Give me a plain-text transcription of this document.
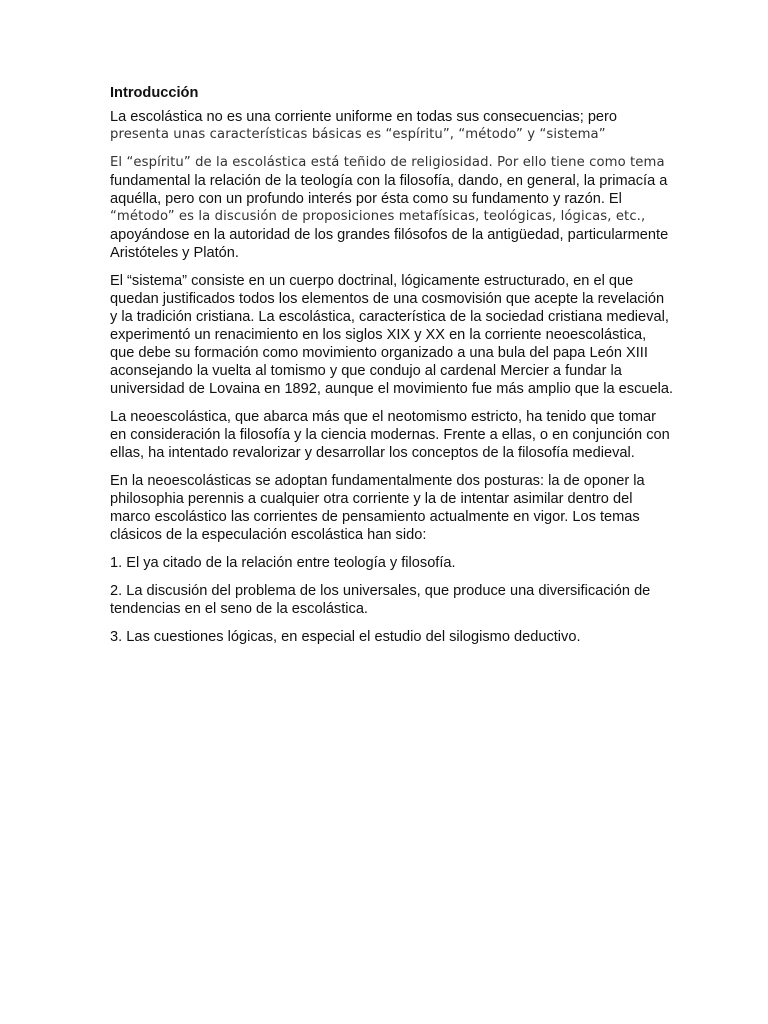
Introducción
La escolástica no es una corriente uniforme en todas sus consecuencias; pero
presenta unas características básicas es “espíritu”, “método” y “sistema”
El “espíritu” de la escolástica está teñido de religiosidad. Por ello tiene como tema
fundamental la relación de la teología con la filosofía, dando, en general, la primacía a
aquélla, pero con un profundo interés por ésta como su fundamento y razón. El
“método” es la discusión de proposiciones metafísicas, teológicas, lógicas, etc.,
apoyándose en la autoridad de los grandes filósofos de la antigüedad, particularmente
Aristóteles y Platón.
El “sistema” consiste en un cuerpo doctrinal, lógicamente estructurado, en el que
quedan justificados todos los elementos de una cosmovisión que acepte la revelación
y la tradición cristiana. La escolástica, característica de la sociedad cristiana medieval,
experimentó un renacimiento en los siglos XIX y XX en la corriente neoescolástica,
que debe su formación como movimiento organizado a una bula del papa León XIII
aconsejando la vuelta al tomismo y que condujo al cardenal Mercier a fundar la
universidad de Lovaina en 1892, aunque el movimiento fue más amplio que la escuela.
La neoescolástica, que abarca más que el neotomismo estricto, ha tenido que tomar
en consideración la filosofía y la ciencia modernas. Frente a ellas, o en conjunción con
ellas, ha intentado revalorizar y desarrollar los conceptos de la filosofía medieval.
En la neoescolásticas se adoptan fundamentalmente dos posturas: la de oponer la
philosophia perennis a cualquier otra corriente y la de intentar asimilar dentro del
marco escolástico las corrientes de pensamiento actualmente en vigor. Los temas
clásicos de la especulación escolástica han sido:
1. El ya citado de la relación entre teología y filosofía.
2. La discusión del problema de los universales, que produce una diversificación de
tendencias en el seno de la escolástica.
3. Las cuestiones lógicas, en especial el estudio del silogismo deductivo.
